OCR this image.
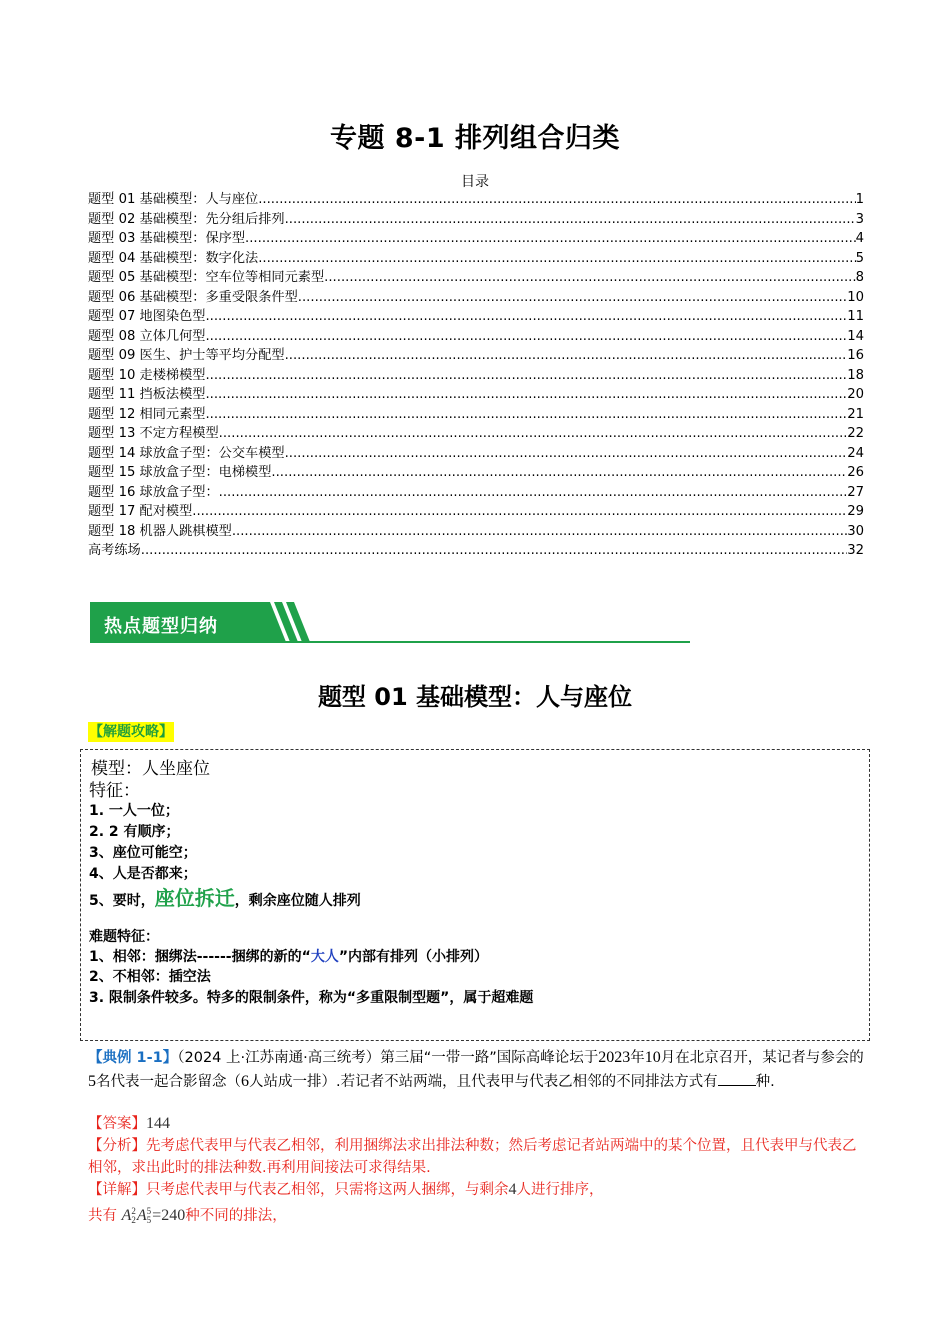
专题 8-1 排列组合归类
目录
题型 01 基础模型：人与座位 .....	1
题型 02 基础模型：先分组后排列 .....	3
题型 03 基础模型：保序型 .....	4
题型 04 基础模型：数字化法 .....	5
题型 05 基础模型：空车位等相同元素型 .....	8
题型 06 基础模型：多重受限条件型 .....	10
题型 07 地图染色型 .....	11
题型 08 立体几何型 .....	14
题型 09 医生、护士等平均分配型 .....	16
题型 10 走楼梯模型 .....	18
题型 11 挡板法模型 .....	20
题型 12 相同元素型 .....	21
题型 13 不定方程模型 .....	22
题型 14 球放盒子型：公交车模型 .....	24
题型 15 球放盒子型：电梯模型 .....	26
题型 16 球放盒子型： .....	27
题型 17 配对模型 .....	29
题型 18 机器人跳棋模型 .....	30
高考练场 .....	32
热点题型归纳
题型 01 基础模型：人与座位
【解题攻略】
模型：人坐座位
特征：
1. 一人一位；
2. 2 有顺序；
3、座位可能空；
4、人是否都来；
5、要时，座位拆迁，剩余座位随人排列
难题特征：
1、相邻：捆绑法------捆绑的新的“大人”内部有排列（小排列）
2、不相邻：插空法
3. 限制条件较多。特多的限制条件，称为“多重限制型题”，属于超难题
【典例 1-1】（2024 上·江苏南通·高三统考）第三届“一带一路”国际高峰论坛于2023年10月在北京召开，某记者与参会的5名代表一起合影留念（6人站成一排）.若记者不站两端，且代表甲与代表乙相邻的不同排法方式有	种.
【答案】144
【分析】先考虑代表甲与代表乙相邻，利用捆绑法求出排法种数；然后考虑记者站两端中的某个位置，且代表甲与代表乙相邻，求出此时的排法种数.再利用间接法可求得结果.
【详解】只考虑代表甲与代表乙相邻，只需将这两人捆绑，与剩余4人进行排序，
共有 A 2
2 A 5
5 =240种不同的排法，
